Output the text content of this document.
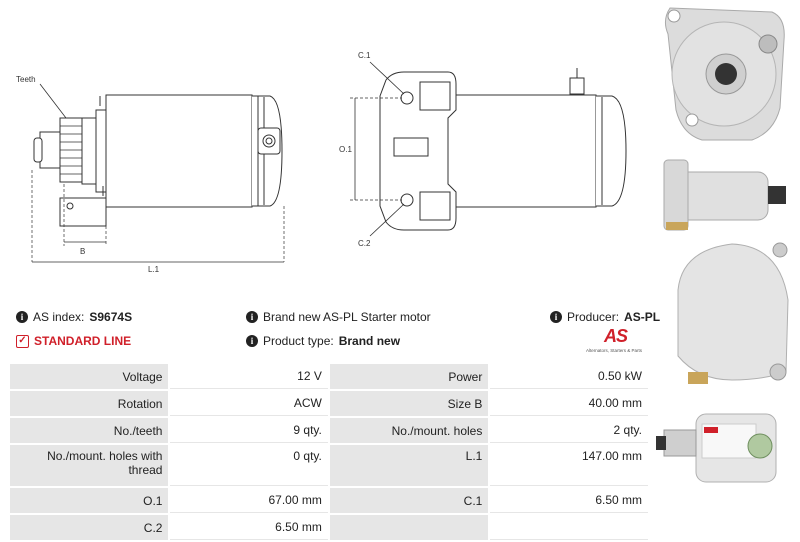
Teeth
B
L.1
C.1
O.1
C.2
i AS index: S9674S
✓ STANDARD LINE
i Brand new AS-PL Starter motor
i Product type: Brand new
i Producer: AS-PL
AS
Alternators, Starters & Parts
Voltage	12 V	Power	0.50 kW
Rotation	ACW	Size B	40.00 mm
No./teeth	9 qty.	No./mount. holes	2 qty.
No./mount. holes with thread	0 qty.	L.1	147.00 mm
O.1	67.00 mm	C.1	6.50 mm
C.2	6.50 mm		
